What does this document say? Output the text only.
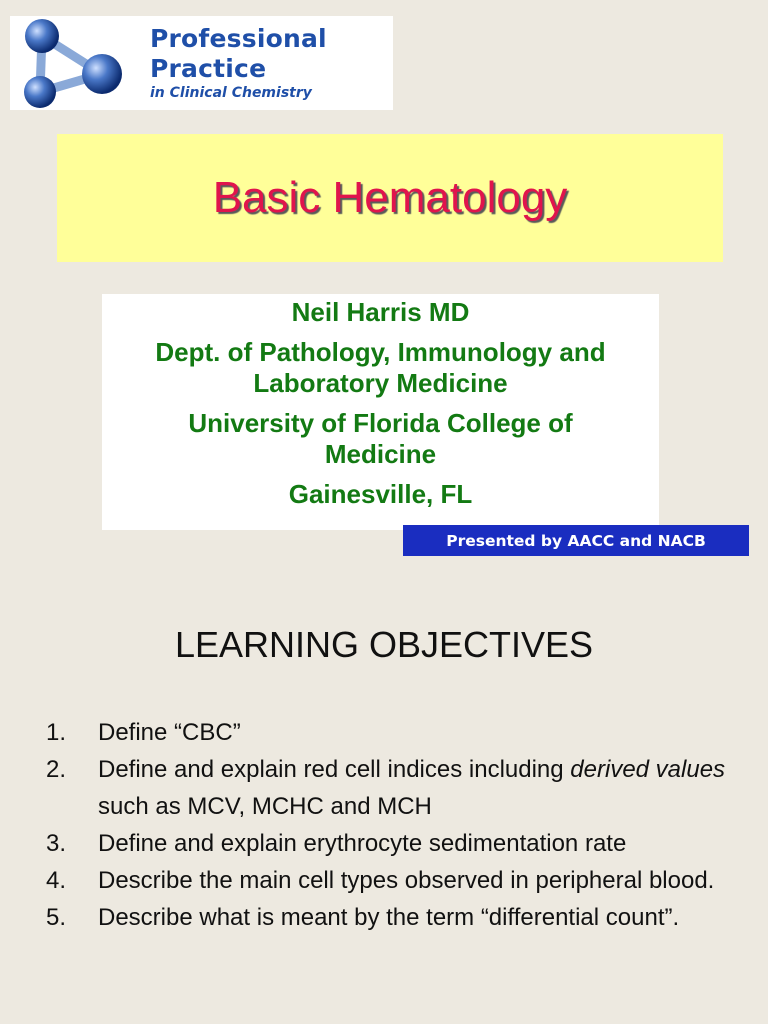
Professional
Practice
in Clinical Chemistry
Basic Hematology
Neil Harris MD
Dept. of Pathology, Immunology and
Laboratory Medicine
University of Florida College of
Medicine
Gainesville, FL
Presented by AACC and NACB
LEARNING OBJECTIVES
1. Define “CBC”
2. Define and explain red cell indices including derived values such as MCV, MCHC and MCH
3. Define and explain erythrocyte sedimentation rate
4. Describe the main cell types observed in peripheral blood.
5. Describe what is meant by the term “differential count”.
